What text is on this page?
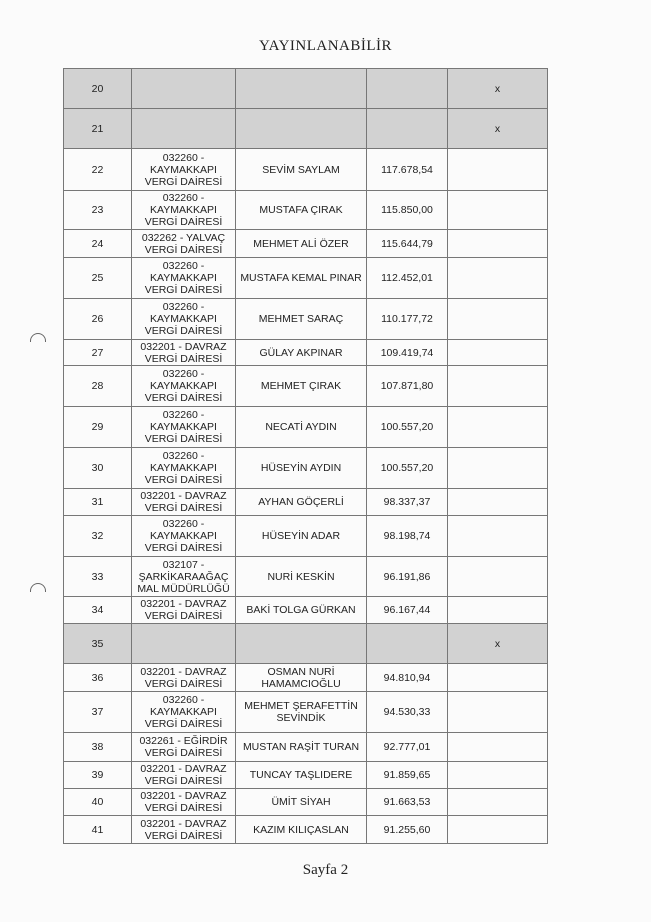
YAYINLANABİLİR
20				x
21				x
22	032260 -
KAYMAKKAPI
VERGİ DAİRESİ	SEVİM SAYLAM	117.678,54	
23	032260 -
KAYMAKKAPI
VERGİ DAİRESİ	MUSTAFA ÇIRAK	115.850,00	
24	032262 - YALVAÇ
VERGİ DAİRESİ	MEHMET ALİ ÖZER	115.644,79	
25	032260 -
KAYMAKKAPI
VERGİ DAİRESİ	MUSTAFA KEMAL PINAR	112.452,01	
26	032260 -
KAYMAKKAPI
VERGİ DAİRESİ	MEHMET SARAÇ	110.177,72	
27	032201 - DAVRAZ
VERGİ DAİRESİ	GÜLAY AKPINAR	109.419,74	
28	032260 -
KAYMAKKAPI
VERGİ DAİRESİ	MEHMET ÇIRAK	107.871,80	
29	032260 -
KAYMAKKAPI
VERGİ DAİRESİ	NECATİ AYDIN	100.557,20	
30	032260 -
KAYMAKKAPI
VERGİ DAİRESİ	HÜSEYİN AYDIN	100.557,20	
31	032201 - DAVRAZ
VERGİ DAİRESİ	AYHAN GÖÇERLİ	98.337,37	
32	032260 -
KAYMAKKAPI
VERGİ DAİRESİ	HÜSEYİN ADAR	98.198,74	
33	032107 -
ŞARKİKARAAĞAÇ
MAL MÜDÜRLÜĞÜ	NURİ KESKİN	96.191,86	
34	032201 - DAVRAZ
VERGİ DAİRESİ	BAKİ TOLGA GÜRKAN	96.167,44	
35				x
36	032201 - DAVRAZ
VERGİ DAİRESİ	OSMAN NURİ
HAMAMCIOĞLU	94.810,94	
37	032260 -
KAYMAKKAPI
VERGİ DAİRESİ	MEHMET ŞERAFETTİN
SEVİNDİK	94.530,33	
38	032261 - EĞİRDİR
VERGİ DAİRESİ	MUSTAN RAŞİT TURAN	92.777,01	
39	032201 - DAVRAZ
VERGİ DAİRESİ	TUNCAY TAŞLIDERE	91.859,65	
40	032201 - DAVRAZ
VERGİ DAİRESİ	ÜMİT SİYAH	91.663,53	
41	032201 - DAVRAZ
VERGİ DAİRESİ	KAZIM KILIÇASLAN	91.255,60	
Sayfa 2
